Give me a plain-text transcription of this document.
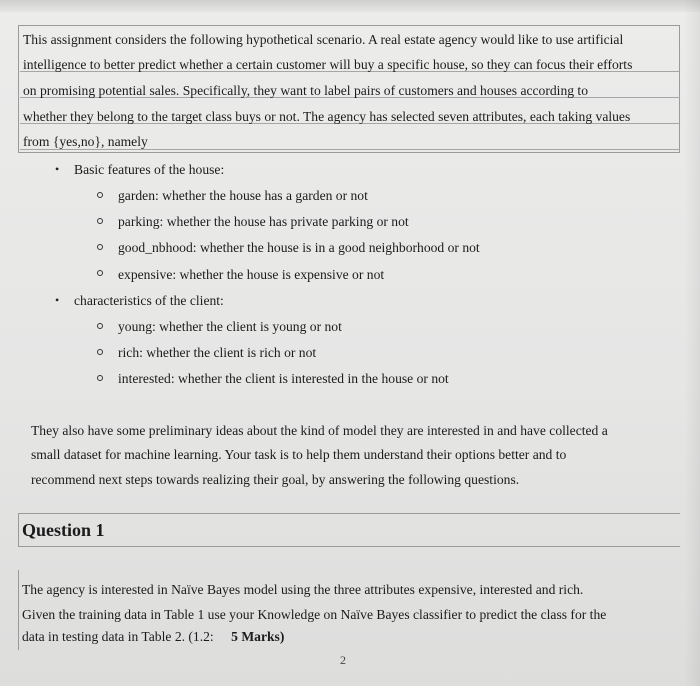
This assignment considers the following hypothetical scenario. A real estate agency would like to use artificial
intelligence to better predict whether a certain customer will buy a specific house, so they can focus their efforts
on promising potential sales. Specifically, they want to label pairs of customers and houses according to
whether they belong to the target class buys or not. The agency has selected seven attributes, each taking values
from {yes,no}, namely
• Basic features of the house:
garden: whether the house has a garden or not
parking: whether the house has private parking or not
good_nbhood: whether the house is in a good neighborhood or not
expensive: whether the house is expensive or not
• characteristics of the client:
young: whether the client is young or not
rich: whether the client is rich or not
interested: whether the client is interested in the house or not
They also have some preliminary ideas about the kind of model they are interested in and have collected a
small dataset for machine learning. Your task is to help them understand their options better and to
recommend next steps towards realizing their goal, by answering the following questions.
Question 1
The agency is interested in Naïve Bayes model using the three attributes expensive, interested and rich.
Given the training data in Table 1 use your Knowledge on Naïve Bayes classifier to predict the class for the
data in testing data in Table 2. (1.2: 5 Marks)
2
